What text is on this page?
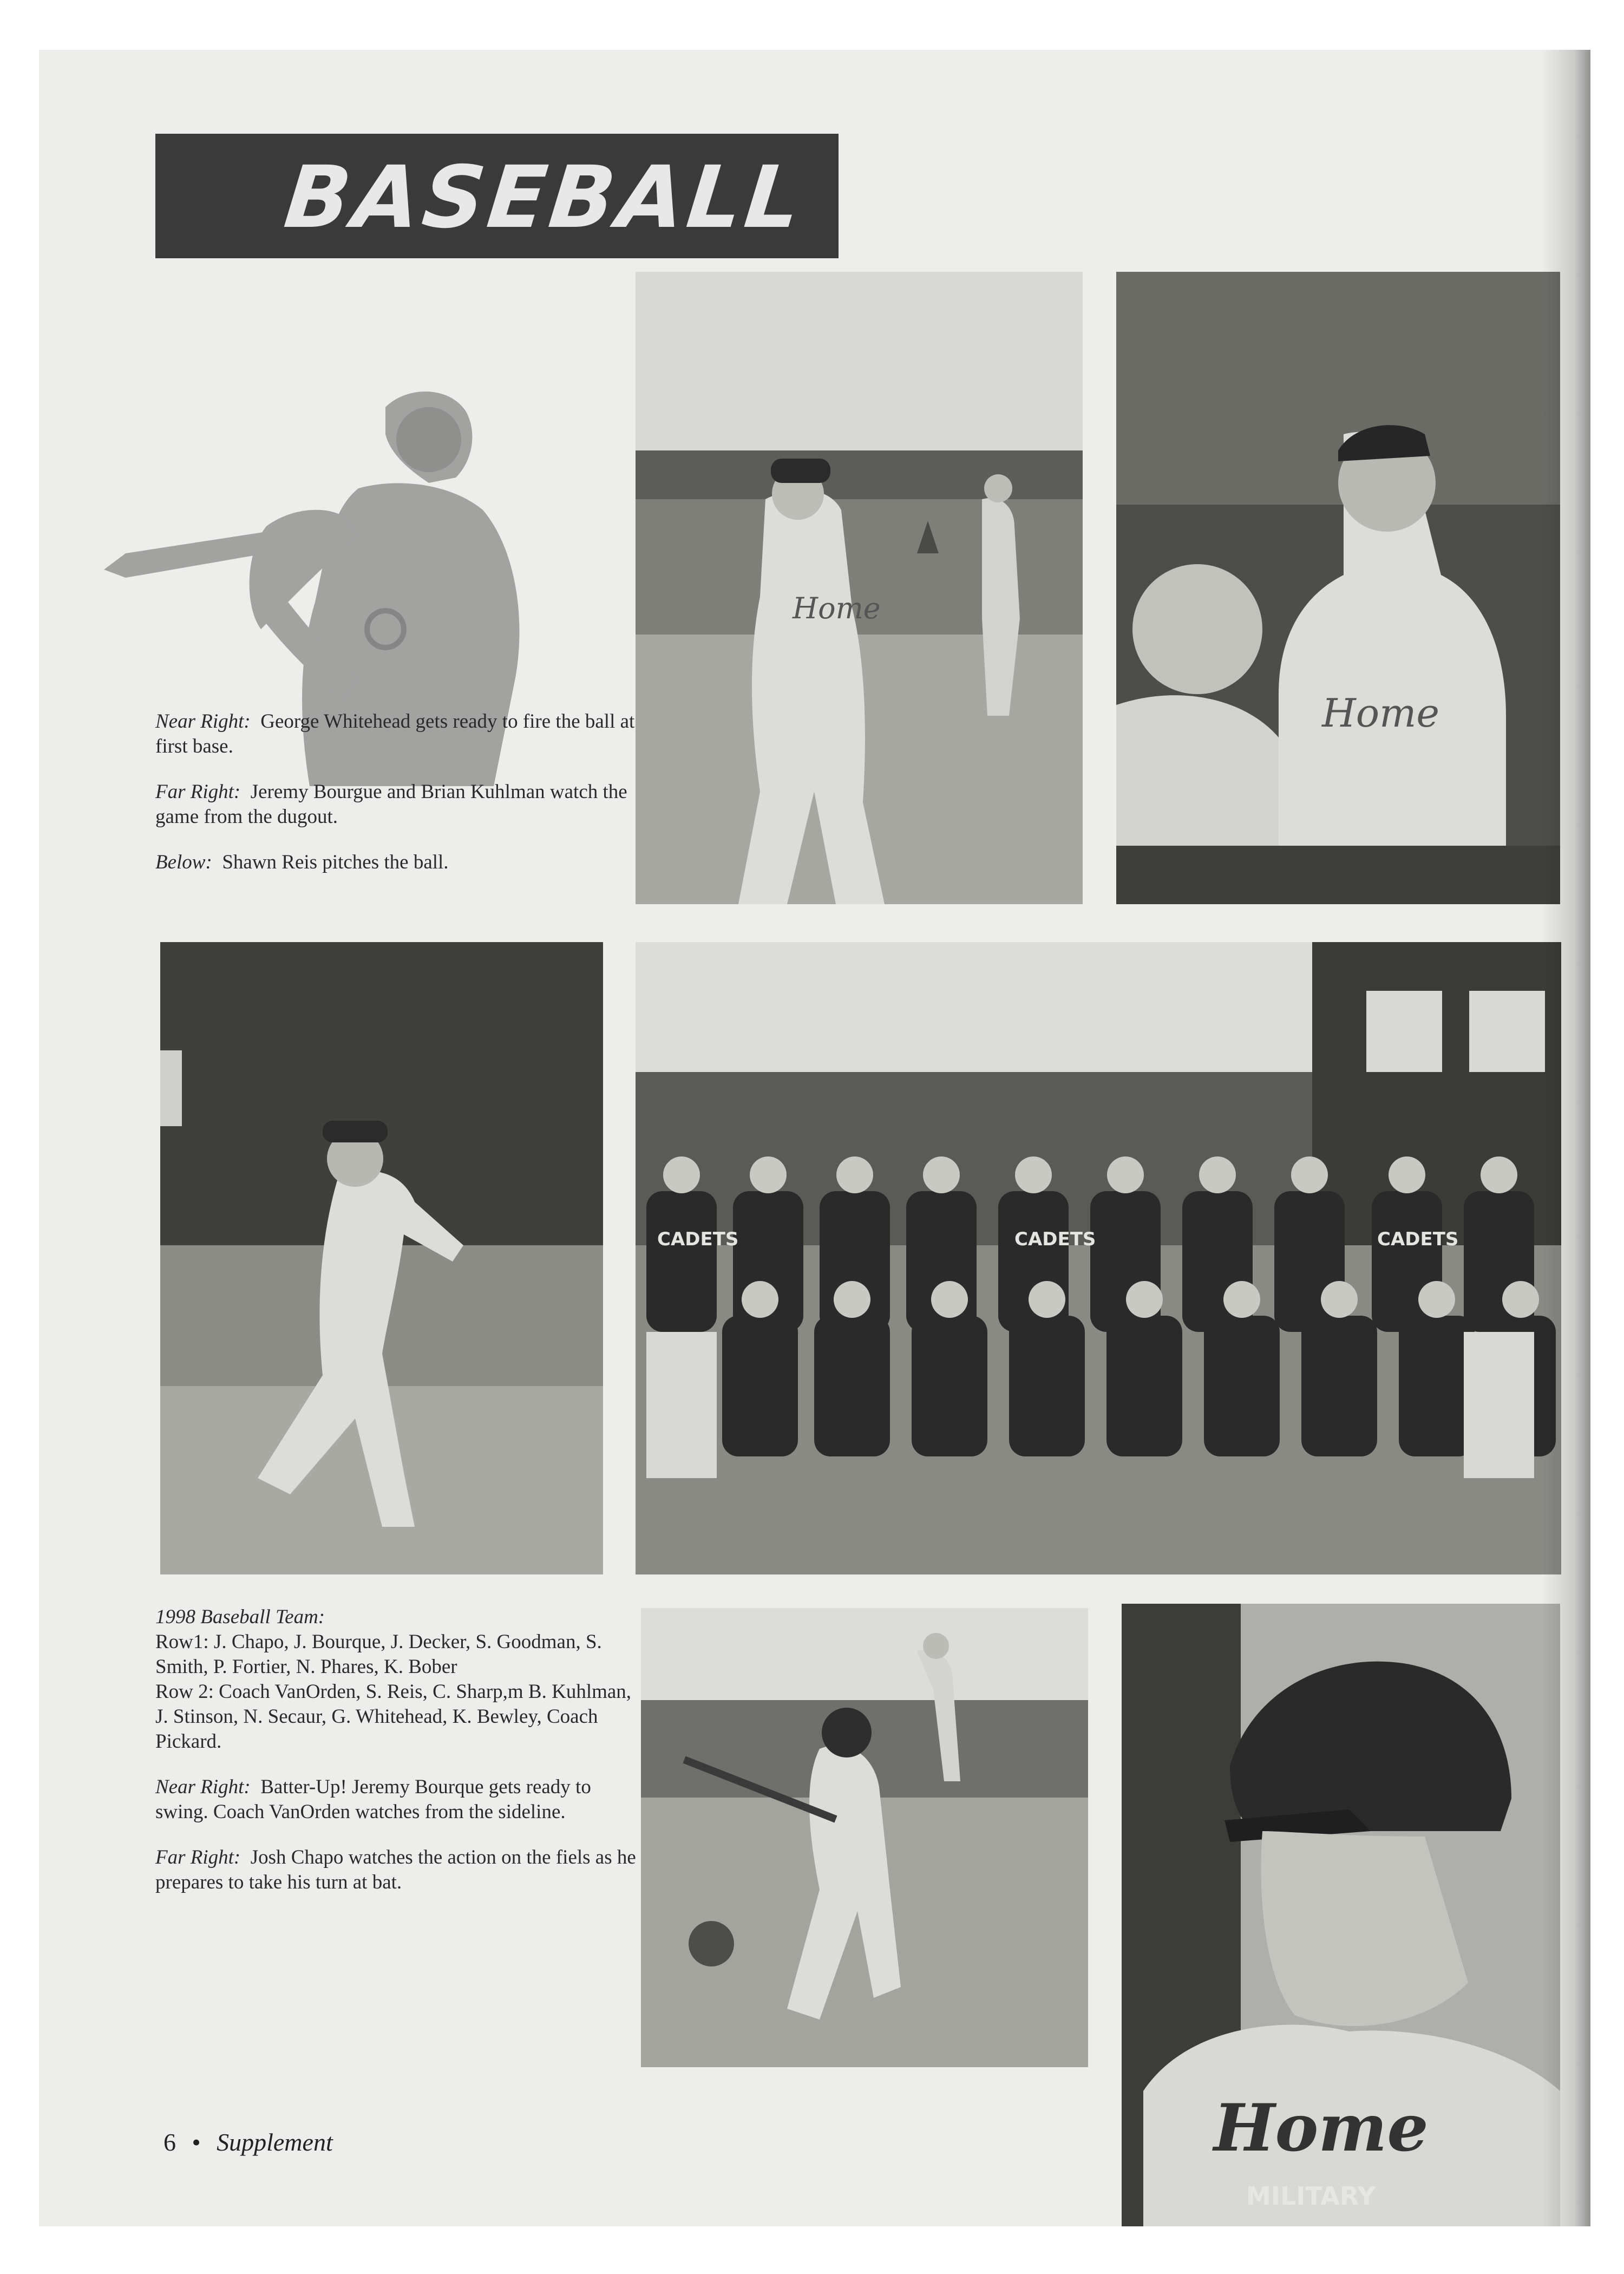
BASEBALL

Near Right: George Whitehead gets ready to fire the ball at first base.

Far Right: Jeremy Bourgue and Brian Kuhlman watch the game from the dugout.

Below: Shawn Reis pitches the ball.

Home
Home
CADETS	CADETS	CADETS

1998 Baseball Team:

Row1: J. Chapo, J. Bourque, J. Decker, S. Goodman, S. Smith, P. Fortier, N. Phares, K. Bober

Row 2: Coach VanOrden, S. Reis, C. Sharp,m B. Kuhlman, J. Stinson, N. Secaur, G. Whitehead, K. Bewley, Coach Pickard.

Near Right: Batter-Up! Jeremy Bourque gets ready to swing. Coach VanOrden watches from the sideline.

Far Right: Josh Chapo watches the action on the fiels as he prepares to take his turn at bat.

Home
MILITARY
6 • Supplement
